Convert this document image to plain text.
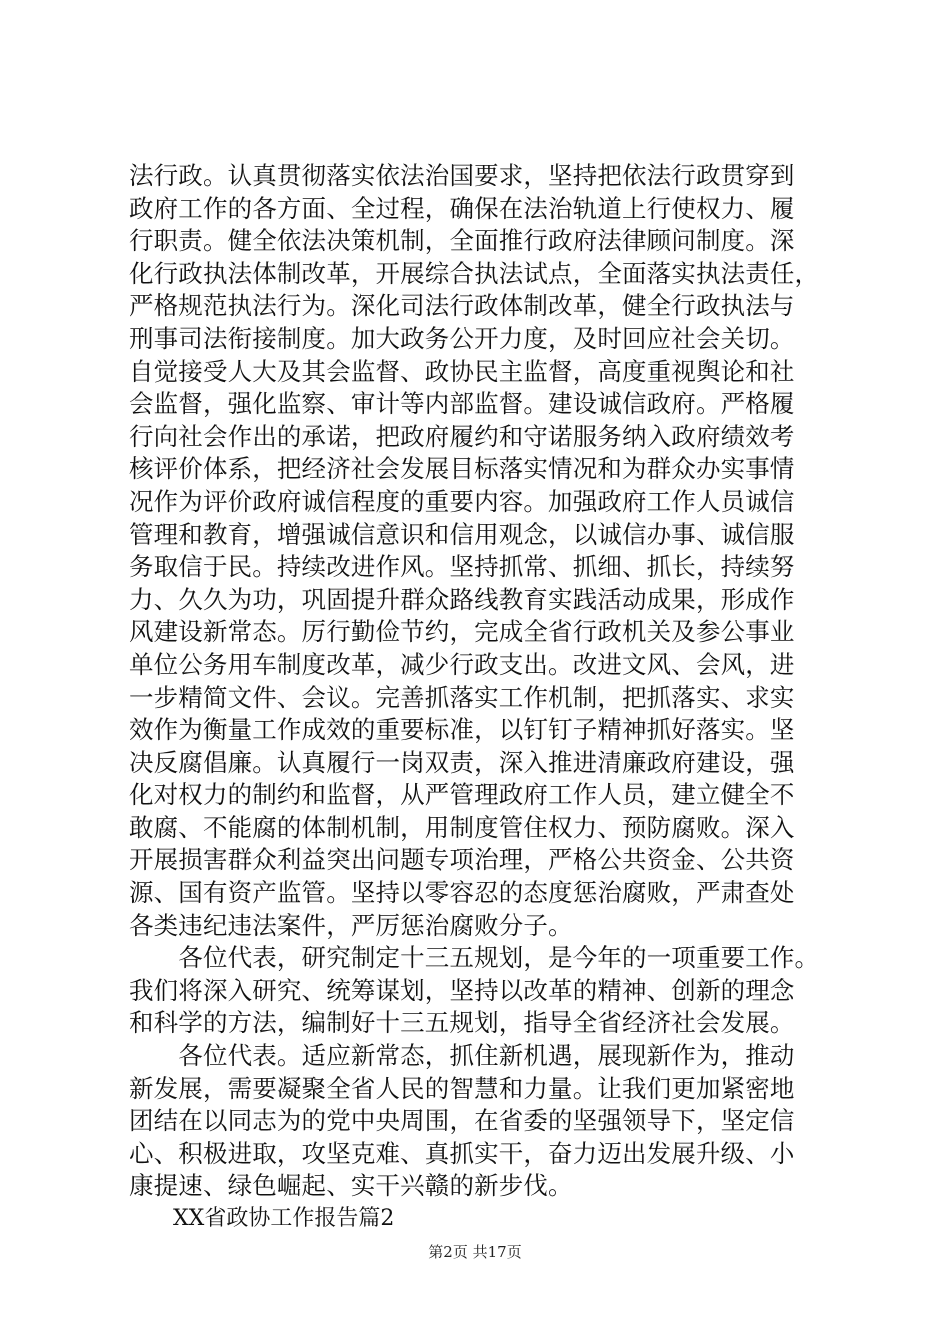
法行政。认真贯彻落实依法治国要求，坚持把依法行政贯穿到
政府工作的各方面、全过程，确保在法治轨道上行使权力、履
行职责。健全依法决策机制，全面推行政府法律顾问制度。深
化行政执法体制改革，开展综合执法试点，全面落实执法责任，
严格规范执法行为。深化司法行政体制改革，健全行政执法与
刑事司法衔接制度。加大政务公开力度，及时回应社会关切。
自觉接受人大及其会监督、政协民主监督，高度重视舆论和社
会监督，强化监察、审计等内部监督。建设诚信政府。严格履
行向社会作出的承诺，把政府履约和守诺服务纳入政府绩效考
核评价体系，把经济社会发展目标落实情况和为群众办实事情
况作为评价政府诚信程度的重要内容。加强政府工作人员诚信
管理和教育，增强诚信意识和信用观念，以诚信办事、诚信服
务取信于民。持续改进作风。坚持抓常、抓细、抓长，持续努
力、久久为功，巩固提升群众路线教育实践活动成果，形成作
风建设新常态。厉行勤俭节约，完成全省行政机关及参公事业
单位公务用车制度改革，减少行政支出。改进文风、会风，进
一步精简文件、会议。完善抓落实工作机制，把抓落实、求实
效作为衡量工作成效的重要标准，以钉钉子精神抓好落实。坚
决反腐倡廉。认真履行一岗双责，深入推进清廉政府建设，强
化对权力的制约和监督，从严管理政府工作人员，建立健全不
敢腐、不能腐的体制机制，用制度管住权力、预防腐败。深入
开展损害群众利益突出问题专项治理，严格公共资金、公共资
源、国有资产监管。坚持以零容忍的态度惩治腐败，严肃查处
各类违纪违法案件，严厉惩治腐败分子。
　　各位代表，研究制定十三五规划，是今年的一项重要工作。
我们将深入研究、统筹谋划，坚持以改革的精神、创新的理念
和科学的方法，编制好十三五规划，指导全省经济社会发展。
　　各位代表。适应新常态，抓住新机遇，展现新作为，推动
新发展，需要凝聚全省人民的智慧和力量。让我们更加紧密地
团结在以同志为的党中央周围，在省委的坚强领导下，坚定信
心、积极进取，攻坚克难、真抓实干，奋力迈出发展升级、小
康提速、绿色崛起、实干兴赣的新步伐。
XX省政协工作报告篇2
第2页 共17页
